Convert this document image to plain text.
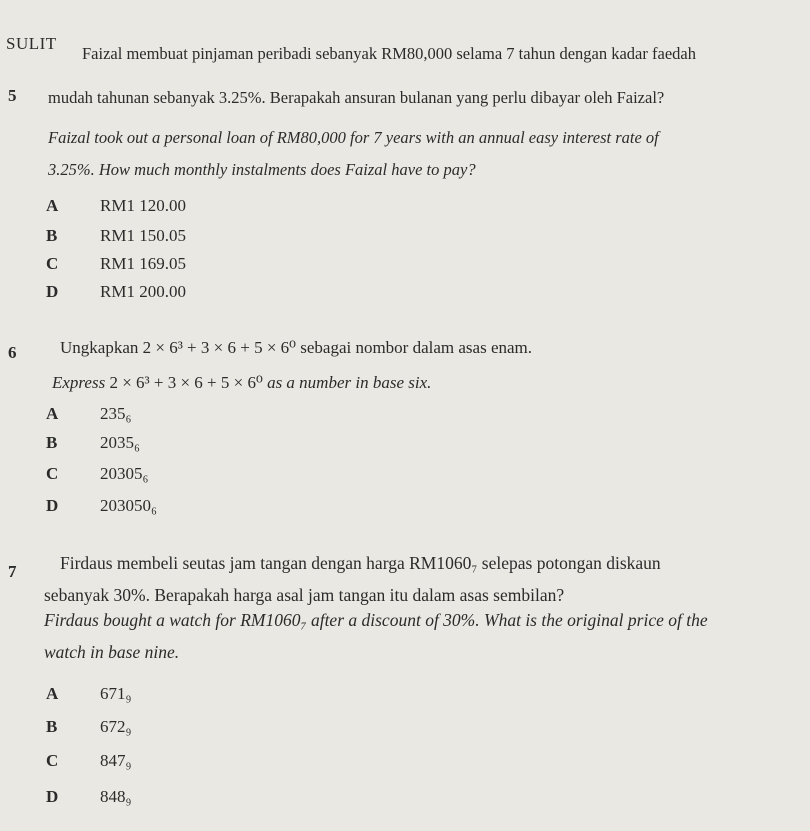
SULIT
5
Faizal membuat pinjaman peribadi sebanyak RM80,000 selama 7 tahun dengan kadar faedah
mudah tahunan sebanyak 3.25%. Berapakah ansuran bulanan yang perlu dibayar oleh Faizal?
Faizal took out a personal loan of RM80,000 for 7 years with an annual easy interest rate of
3.25%. How much monthly instalments does Faizal have to pay?
A	RM1 120.00
B	RM1 150.05
C	RM1 169.05
D	RM1 200.00
6	Ungkapkan 2 × 6³ + 3 × 6 + 5 × 6⁰ sebagai nombor dalam asas enam.
Express 2 × 6³ + 3 × 6 + 5 × 6⁰ as a number in base six.
A	235₆
B	2035₆
C	20305₆
D	203050₆
7 Firdaus membeli seutas jam tangan dengan harga RM1060₇ selepas potongan diskaun
sebanyak 30%. Berapakah harga asal jam tangan itu dalam asas sembilan?
Firdaus bought a watch for RM1060₇ after a discount of 30%. What is the original price of the
watch in base nine.
A	671₉
B	672₉
C	847₉
D	848₉
